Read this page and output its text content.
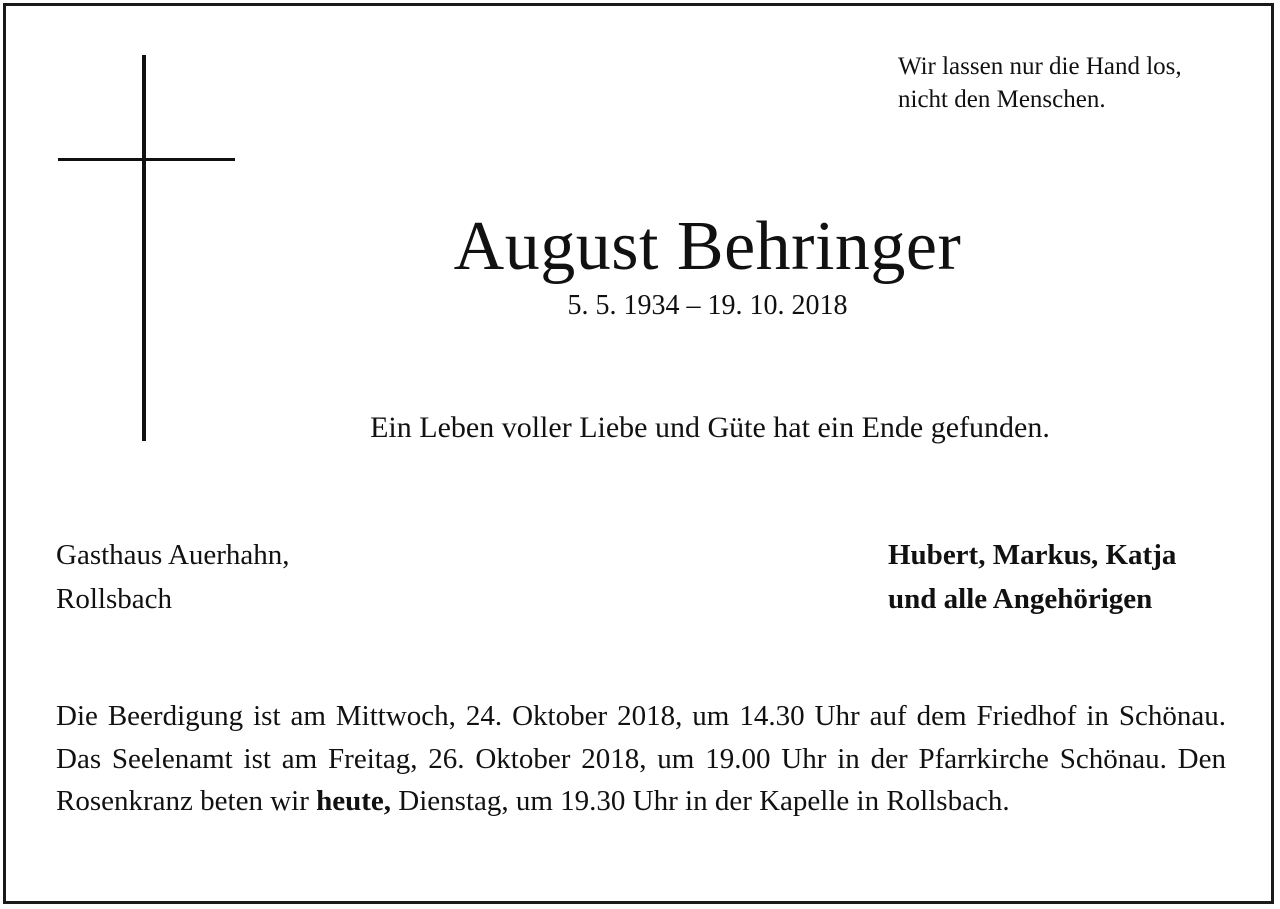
Wir lassen nur die Hand los,
nicht den Menschen.
August Behringer
5. 5. 1934 – 19. 10. 2018
Ein Leben voller Liebe und Güte hat ein Ende gefunden.
Gasthaus Auerhahn,
Rollsbach
Hubert, Markus, Katja
und alle Angehörigen
Die Beerdigung ist am Mittwoch, 24. Oktober 2018, um 14.30 Uhr auf dem Friedhof in Schönau. Das Seelenamt ist am Freitag, 26. Oktober 2018, um 19.00 Uhr in der Pfarrkirche Schönau. Den Rosenkranz beten wir heute, Dienstag, um 19.30 Uhr in der Kapelle in Rollsbach.
